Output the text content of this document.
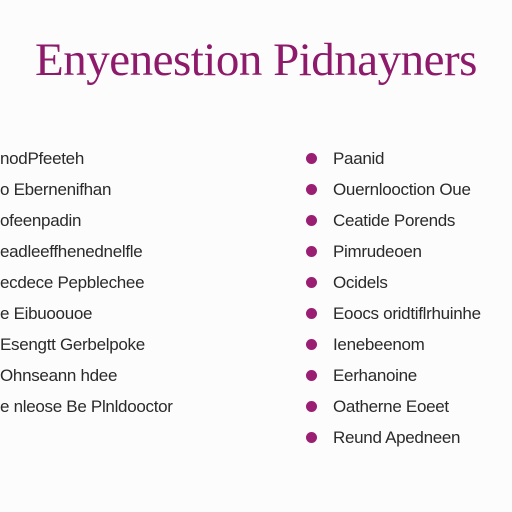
Enyenestion Pidnayners
nodPfeeteh
o Ebernenifhan
ofeenpadin
eadleeffhenednelfle
ecdece Pepblechee
e Eibuoouoe
Esengtt Gerbelpoke
Ohnseann hdee
e nleose Be Plnldooctor
Paanid
Ouernlooction Oue
Ceatide Porends
Pimrudeoen
Ocidels
Eoocs oridtiflrhuinhe
Ienebeenom
Eerhanoine
Oatherne Eoeet
Reund Apedneen
